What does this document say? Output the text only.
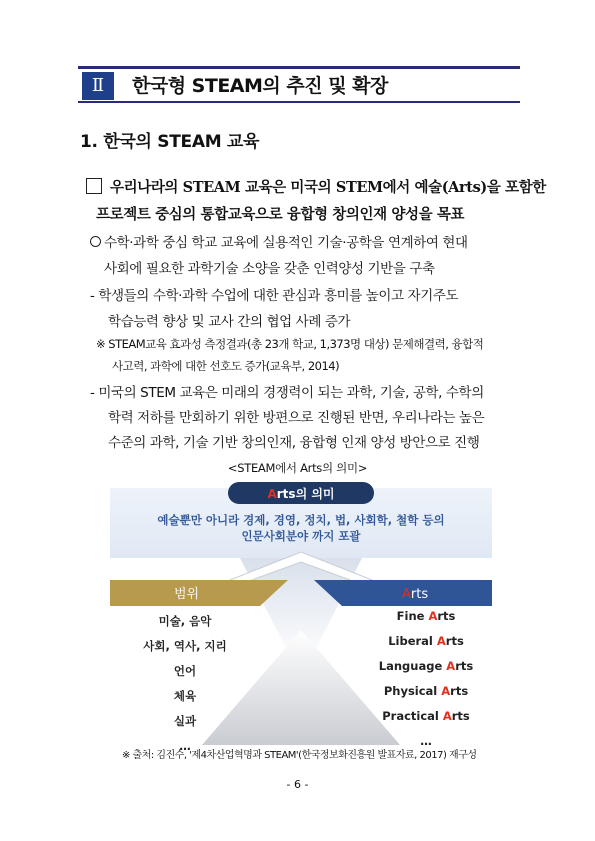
Ⅱ	한국형 STEAM의 추진 및 확장
1. 한국의 STEAM 교육
우리나라의 STEAM 교육은 미국의 STEM에서 예술(Arts)을 포함한
프로젝트 중심의 통합교육으로 융합형 창의인재 양성을 목표
수학·과학 중심 학교 교육에 실용적인 기술·공학을 연계하여 현대
사회에 필요한 과학기술 소양을 갖춘 인력양성 기반을 구축
- 학생들의 수학·과학 수업에 대한 관심과 흥미를 높이고 자기주도
학습능력 향상 및 교사 간의 협업 사례 증가
※ STEAM교육 효과성 측정결과(총 23개 학교, 1,373명 대상) 문제해결력, 융합적
사고력, 과학에 대한 선호도 증가(교육부, 2014)
- 미국의 STEM 교육은 미래의 경쟁력이 되는 과학, 기술, 공학, 수학의
학력 저하를 만회하기 위한 방편으로 진행된 반면, 우리나라는 높은
수준의 과학, 기술 기반 창의인재, 융합형 인재 양성 방안으로 진행
<STEAM에서 Arts의 의미>
Arts의 의미
예술뿐만 아니라 경제, 경영, 정치, 법, 사회학, 철학 등의
인문사회분야 까지 포괄
범위	Arts
미술, 음악
사회, 역사, 지리
언어
체육
실과
…
Fine Arts
Liberal Arts
Language Arts
Physical Arts
Practical Arts
…
※ 출처: 김진수, '제4차산업혁명과 STEAM'(한국정보화진흥원 발표자료, 2017) 재구성
- 6 -
